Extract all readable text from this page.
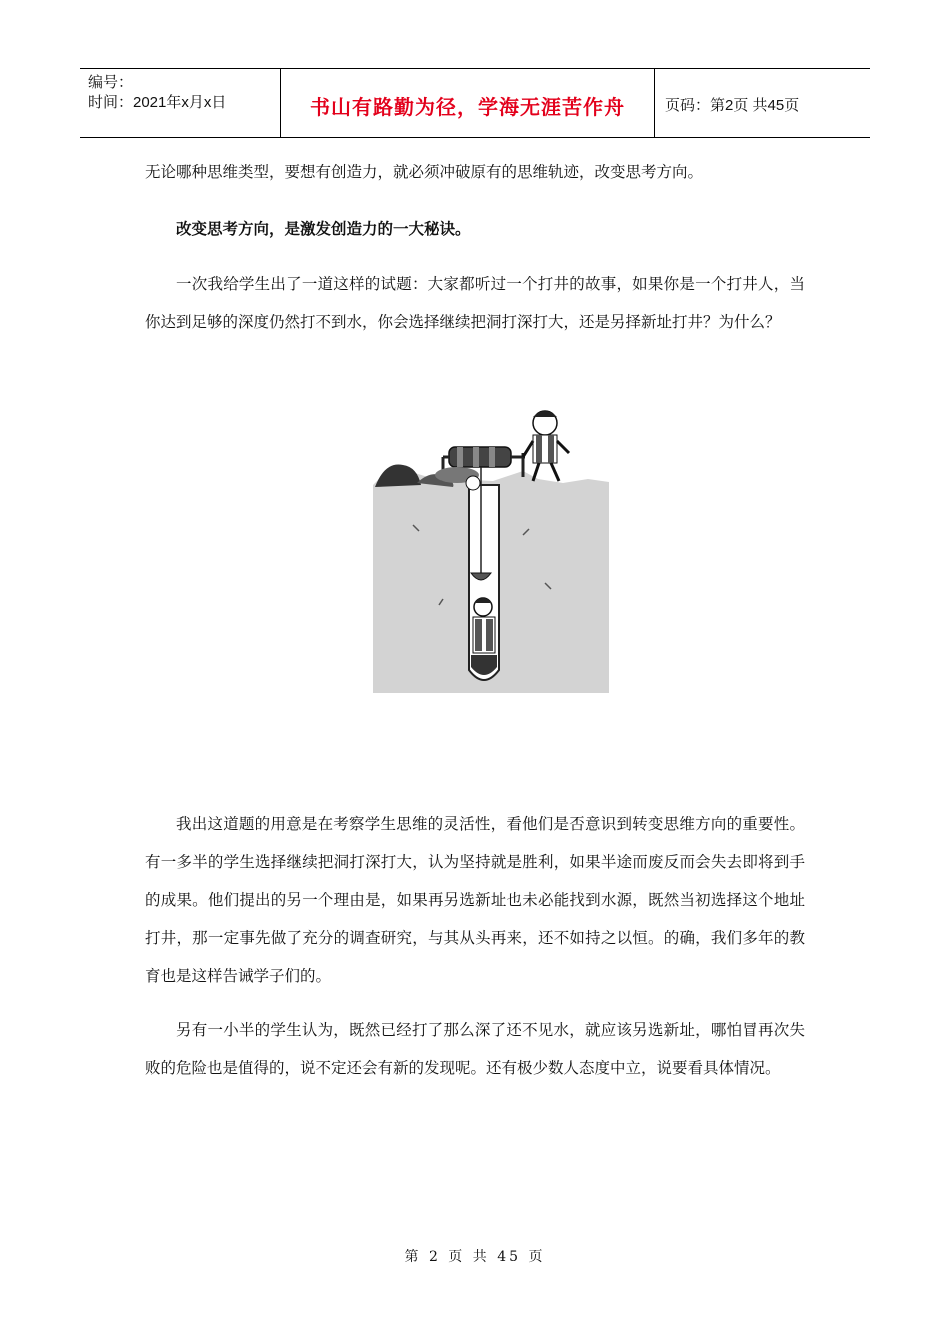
编号：
时间：2021年x月x日	书山有路勤为径，学海无涯苦作舟	页码：第2页 共45页

无论哪种思维类型，要想有创造力，就必须冲破原有的思维轨迹，改变思考方向。

改变思考方向，是激发创造力的一大秘诀。

一次我给学生出了一道这样的试题：大家都听过一个打井的故事，如果你是一个打井人，当你达到足够的深度仍然打不到水，你会选择继续把洞打深打大，还是另择新址打井？为什么？

我出这道题的用意是在考察学生思维的灵活性，看他们是否意识到转变思维方向的重要性。有一多半的学生选择继续把洞打深打大，认为坚持就是胜利，如果半途而废反而会失去即将到手的成果。他们提出的另一个理由是，如果再另选新址也未必能找到水源，既然当初选择这个地址打井，那一定事先做了充分的调查研究，与其从头再来，还不如持之以恒。的确，我们多年的教育也是这样告诫学子们的。

另有一小半的学生认为，既然已经打了那么深了还不见水，就应该另选新址，哪怕冒再次失败的危险也是值得的，说不定还会有新的发现呢。还有极少数人态度中立，说要看具体情况。

第 2 页 共 45 页
